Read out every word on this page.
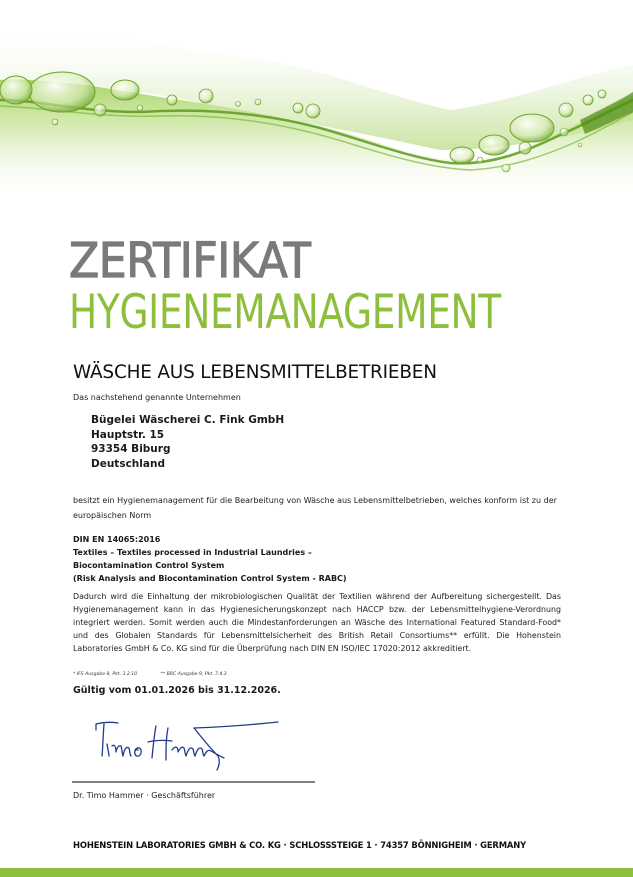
ZERTIFIKAT
HYGIENEMANAGEMENT
WÄSCHE AUS LEBENSMITTELBETRIEBEN
Das nachstehend genannte Unternehmen
Bügelei Wäscherei C. Fink GmbH
Hauptstr. 15
93354 Biburg
Deutschland
besitzt ein Hygienemanagement für die Bearbeitung von Wäsche aus Lebensmittelbetrieben, welches konform ist zu der europäischen Norm
DIN EN 14065:2016
Textiles – Textiles processed in Industrial Laundries –
Biocontamination Control System
(Risk Analysis and Biocontamination Control System - RABC)
Dadurch wird die Einhaltung der mikrobiologischen Qualität der Textilien während der Aufbereitung sichergestellt. Das Hygienemanagement kann in das Hygienesicherungskonzept nach HACCP bzw. der Lebensmittelhygiene-Verordnung integriert werden. Somit werden auch die Mindestanforderungen an Wäsche des International Featured Standard-Food* und des Globalen Standards für Lebensmittelsicherheit des British Retail Consortiums** erfüllt. Die Hohenstein Laboratories GmbH & Co. KG sind für die Überprüfung nach DIN EN ISO/IEC 17020:2012 akkreditiert.
* IFS Ausgabe 8, Pkt. 3.2.10	** BRC Ausgabe 9, Pkt. 7.4.3
Gültig vom 01.01.2026 bis 31.12.2026.
Dr. Timo Hammer · Geschäftsführer
HOHENSTEIN LABORATORIES GMBH & CO. KG · SCHLOSSSTEIGE 1 · 74357 BÖNNIGHEIM · GERMANY
